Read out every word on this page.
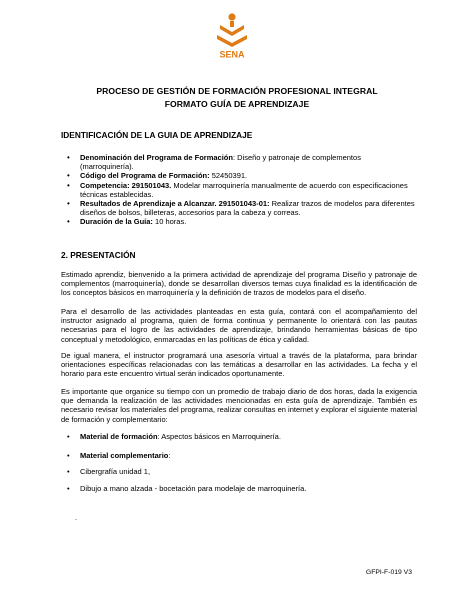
SENA
PROCESO DE GESTIÓN DE FORMACIÓN PROFESIONAL INTEGRAL
FORMATO GUÍA DE APRENDIZAJE
IDENTIFICACIÓN DE LA GUIA DE APRENDIZAJE
• Denominación del Programa de Formación: Diseño y patronaje de complementos (marroquinería).
• Código del Programa de Formación: 52450391.
• Competencia: 291501043. Modelar marroquinería manualmente de acuerdo con especificaciones técnicas establecidas.
• Resultados de Aprendizaje a Alcanzar. 291501043-01: Realizar trazos de modelos para diferentes diseños de bolsos, billeteras, accesorios para la cabeza y correas.
• Duración de la Guía: 10 horas.
2. PRESENTACIÓN

Estimado aprendiz, bienvenido a la primera actividad de aprendizaje del programa Diseño y patronaje de complementos (marroquinería), donde se desarrollan diversos temas cuya finalidad es la identificación de los conceptos básicos en marroquinería y la definición de trazos de modelos para el diseño.

Para el desarrollo de las actividades planteadas en esta guía, contará con el acompañamiento del instructor asignado al programa, quien de forma continua y permanente lo orientará con las pautas necesarias para el logro de las actividades de aprendizaje, brindando herramientas básicas de tipo conceptual y metodológico, enmarcadas en las políticas de ética y calidad.

De igual manera, el instructor programará una asesoría virtual a través de la plataforma, para brindar orientaciones específicas relacionadas con las temáticas a desarrollar en las actividades. La fecha y el horario para este encuentro virtual serán indicados oportunamente.

Es importante que organice su tiempo con un promedio de trabajo diario de dos horas, dada la exigencia que demanda la realización de las actividades mencionadas en esta guía de aprendizaje. También es necesario revisar los materiales del programa, realizar consultas en internet y explorar el siguiente material de formación y complementario:

• Material de formación: Aspectos básicos en Marroquinería.
• Material complementario:
• Cibergrafía unidad 1,
• Dibujo a mano alzada - bocetación para modelaje de marroquinería.
.
GFPI-F-019 V3
